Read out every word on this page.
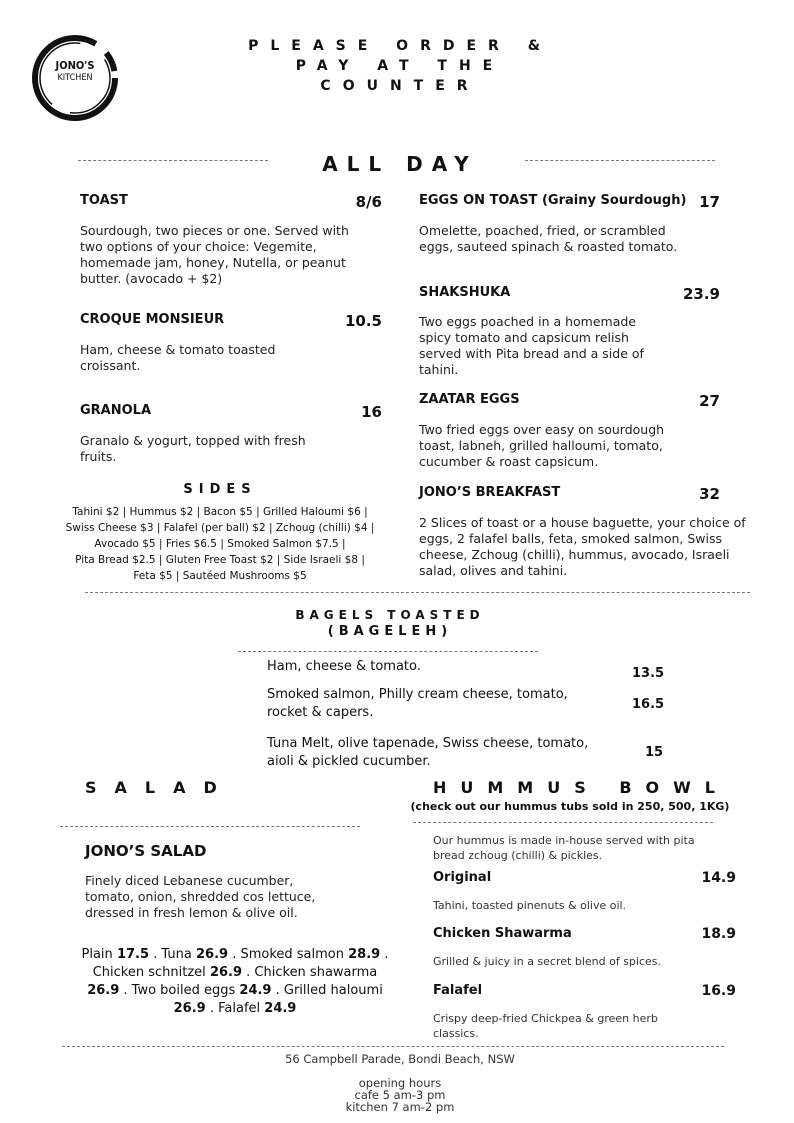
JONO'S
KITCHEN
PLEASE ORDER &
PAY AT THE
COUNTER
ALL DAY
TOAST	8/6
Sourdough, two pieces or one. Served with two options of your choice: Vegemite, homemade jam, honey, Nutella, or peanut butter. (avocado + $2)
CROQUE MONSIEUR	10.5
Ham, cheese & tomato toasted croissant.
GRANOLA	16
Granalo & yogurt, topped with fresh fruits.
SIDES
Tahini $2 | Hummus $2 | Bacon $5 | Grilled Haloumi $6 |
Swiss Cheese $3 | Falafel (per ball) $2 | Zchoug (chilli) $4 |
Avocado $5 | Fries $6.5 | Smoked Salmon $7.5 |
Pita Bread $2.5 | Gluten Free Toast $2 | Side Israeli $8 |
Feta $5 | Sautéed Mushrooms $5
EGGS ON TOAST (Grainy Sourdough) 17
Omelette, poached, fried, or scrambled eggs, sauteed spinach & roasted tomato.
SHAKSHUKA	23.9
Two eggs poached in a homemade spicy tomato and capsicum relish served with Pita bread and a side of tahini.
ZAATAR EGGS	27
Two fried eggs over easy on sourdough toast, labneh, grilled halloumi, tomato, cucumber & roast capsicum.
JONO’S BREAKFAST	32
2 Slices of toast or a house baguette, your choice of eggs, 2 falafel balls, feta, smoked salmon, Swiss cheese, Zchoug (chilli), hummus, avocado, Israeli salad, olives and tahini.
BAGELS TOASTED
(BAGELEH)
Ham, cheese & tomato.	13.5
Smoked salmon, Philly cream cheese, tomato, rocket & capers.
16.5
Tuna Melt, olive tapenade, Swiss cheese, tomato, aioli & pickled cucumber.
15
SALAD
JONO’S SALAD
Finely diced Lebanese cucumber, tomato, onion, shredded cos lettuce, dressed in fresh lemon & olive oil.
Plain 17.5 . Tuna 26.9 . Smoked salmon 28.9 . Chicken schnitzel 26.9 . Chicken shawarma 26.9 . Two boiled eggs 24.9 . Grilled haloumi 26.9 . Falafel 24.9
HUMMUS BOWL
(check out our hummus tubs sold in 250, 500, 1KG)
Our hummus is made in-house served with pita bread zchoug (chilli) & pickles.
Original	14.9
Tahini, toasted pinenuts & olive oil.
Chicken Shawarma	18.9
Grilled & juicy in a secret blend of spices.
Falafel	16.9
Crispy deep-fried Chickpea & green herb classics.
56 Campbell Parade, Bondi Beach, NSW
opening hours
cafe 5 am-3 pm
kitchen 7 am-2 pm
